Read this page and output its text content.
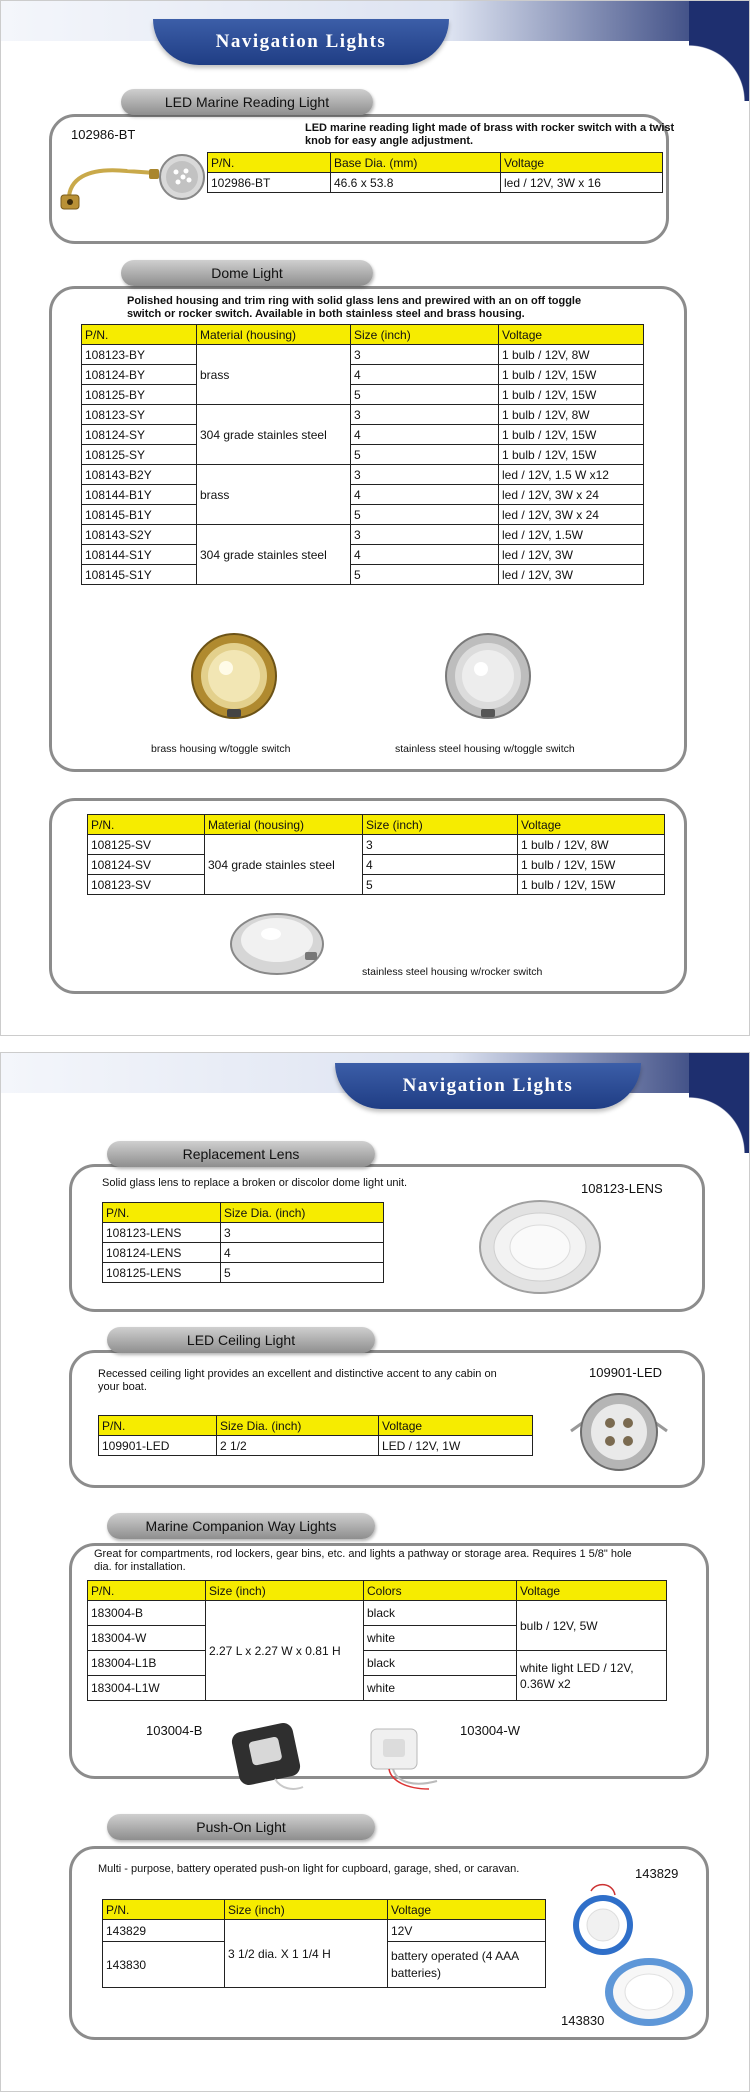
Navigation Lights
LED Marine Reading Light
102986-BT	LED marine reading light made of brass with rocker switch with a twist knob for easy angle adjustment.
P/N.	Base Dia. (mm)	Voltage
102986-BT	46.6 x 53.8	led / 12V, 3W x 16
Dome Light
Polished housing and trim ring with solid glass lens and prewired with an on off toggle switch or rocker switch. Available in both stainless steel and brass housing.
P/N.	Material (housing)	Size (inch)	Voltage
108123-BY	brass	3	1 bulb / 12V, 8W
108124-BY		4	1 bulb / 12V, 15W
108125-BY		5	1 bulb / 12V, 15W
108123-SY	304 grade stainles steel	3	1 bulb / 12V, 8W
108124-SY		4	1 bulb / 12V, 15W
108125-SY		5	1 bulb / 12V, 15W
108143-B2Y	brass	3	led / 12V, 1.5 W x12
108144-B1Y		4	led / 12V, 3W x 24
108145-B1Y		5	led / 12V, 3W x 24
108143-S2Y	304 grade stainles steel	3	led / 12V, 1.5W
108144-S1Y		4	led / 12V, 3W
108145-S1Y		5	led / 12V, 3W
brass housing w/toggle switch	stainless steel housing w/toggle switch
P/N.	Material (housing)	Size (inch)	Voltage
108125-SV	304 grade stainles steel	3	1 bulb / 12V, 8W
108124-SV		4	1 bulb / 12V, 15W
108123-SV		5	1 bulb / 12V, 15W
stainless steel housing w/rocker switch
Navigation Lights
Replacement Lens
Solid glass lens to replace a broken or discolor dome light unit.	108123-LENS
P/N.	Size Dia. (inch)
108123-LENS	3
108124-LENS	4
108125-LENS	5
LED Ceiling Light
Recessed ceiling light provides an excellent and distinctive accent to any cabin on your boat.
109901-LED
P/N.	Size Dia. (inch)	Voltage
109901-LED	2 1/2	LED / 12V, 1W
Marine Companion Way Lights
Great for compartments, rod lockers, gear bins, etc. and lights a pathway or storage area. Requires 1 5/8" hole dia. for installation.
P/N.	Size (inch)	Colors	Voltage
183004-B	2.27 L x 2.27 W x 0.81 H	black	bulb / 12V, 5W
183004-W		white	
183004-L1B		black	white light LED / 12V, 0.36W x2
183004-L1W		white	
103004-B	103004-W
Push-On Light
Multi - purpose, battery operated push-on light for cupboard, garage, shed, or caravan.	143829
P/N.	Size (inch)	Voltage
143829	3 1/2 dia. X 1 1/4 H	12V
143830		battery operated (4 AAA batteries)
143830
